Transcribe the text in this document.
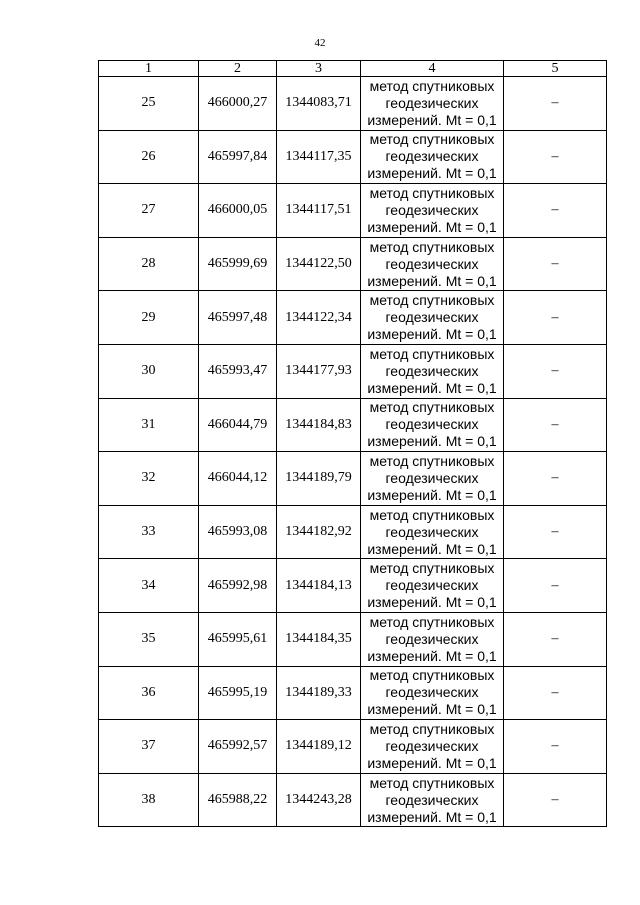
42
1	2	3	4	5
25	466000,27	1344083,71	метод спутниковых
геодезических
измерений. Mt = 0,1	–
26	465997,84	1344117,35	метод спутниковых
геодезических
измерений. Mt = 0,1	–
27	466000,05	1344117,51	метод спутниковых
геодезических
измерений. Mt = 0,1	–
28	465999,69	1344122,50	метод спутниковых
геодезических
измерений. Mt = 0,1	–
29	465997,48	1344122,34	метод спутниковых
геодезических
измерений. Mt = 0,1	–
30	465993,47	1344177,93	метод спутниковых
геодезических
измерений. Mt = 0,1	–
31	466044,79	1344184,83	метод спутниковых
геодезических
измерений. Mt = 0,1	–
32	466044,12	1344189,79	метод спутниковых
геодезических
измерений. Mt = 0,1	–
33	465993,08	1344182,92	метод спутниковых
геодезических
измерений. Mt = 0,1	–
34	465992,98	1344184,13	метод спутниковых
геодезических
измерений. Mt = 0,1	–
35	465995,61	1344184,35	метод спутниковых
геодезических
измерений. Mt = 0,1	–
36	465995,19	1344189,33	метод спутниковых
геодезических
измерений. Mt = 0,1	–
37	465992,57	1344189,12	метод спутниковых
геодезических
измерений. Mt = 0,1	–
38	465988,22	1344243,28	метод спутниковых
геодезических
измерений. Mt = 0,1	–
